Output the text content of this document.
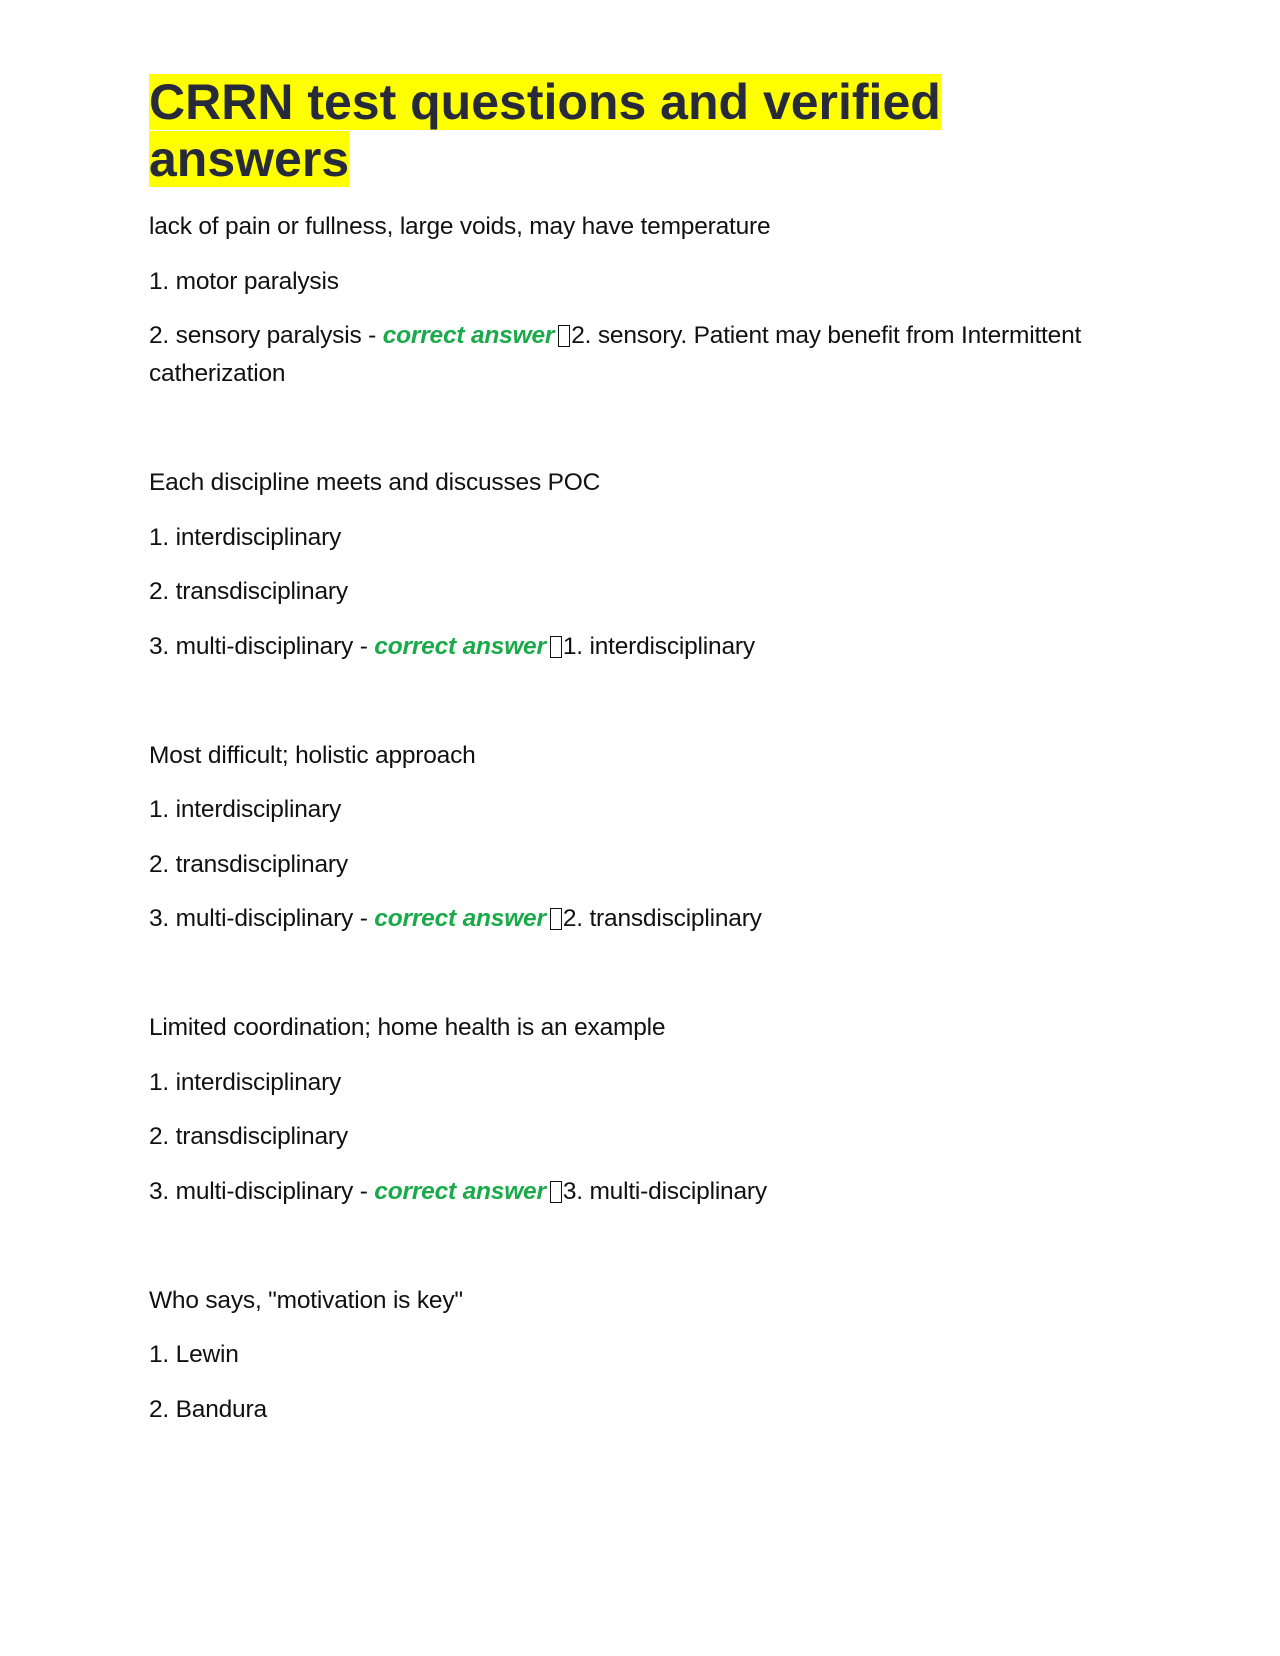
CRRN test questions and verified answers

lack of pain or fullness, large voids, may have temperature

1. motor paralysis

2. sensory paralysis - correct answer 2. sensory. Patient may benefit from Intermittent catherization

Each discipline meets and discusses POC

1. interdisciplinary

2. transdisciplinary

3. multi-disciplinary - correct answer 1. interdisciplinary

Most difficult; holistic approach

1. interdisciplinary

2. transdisciplinary

3. multi-disciplinary - correct answer 2. transdisciplinary

Limited coordination; home health is an example

1. interdisciplinary

2. transdisciplinary

3. multi-disciplinary - correct answer 3. multi-disciplinary

Who says, "motivation is key"

1. Lewin

2. Bandura
